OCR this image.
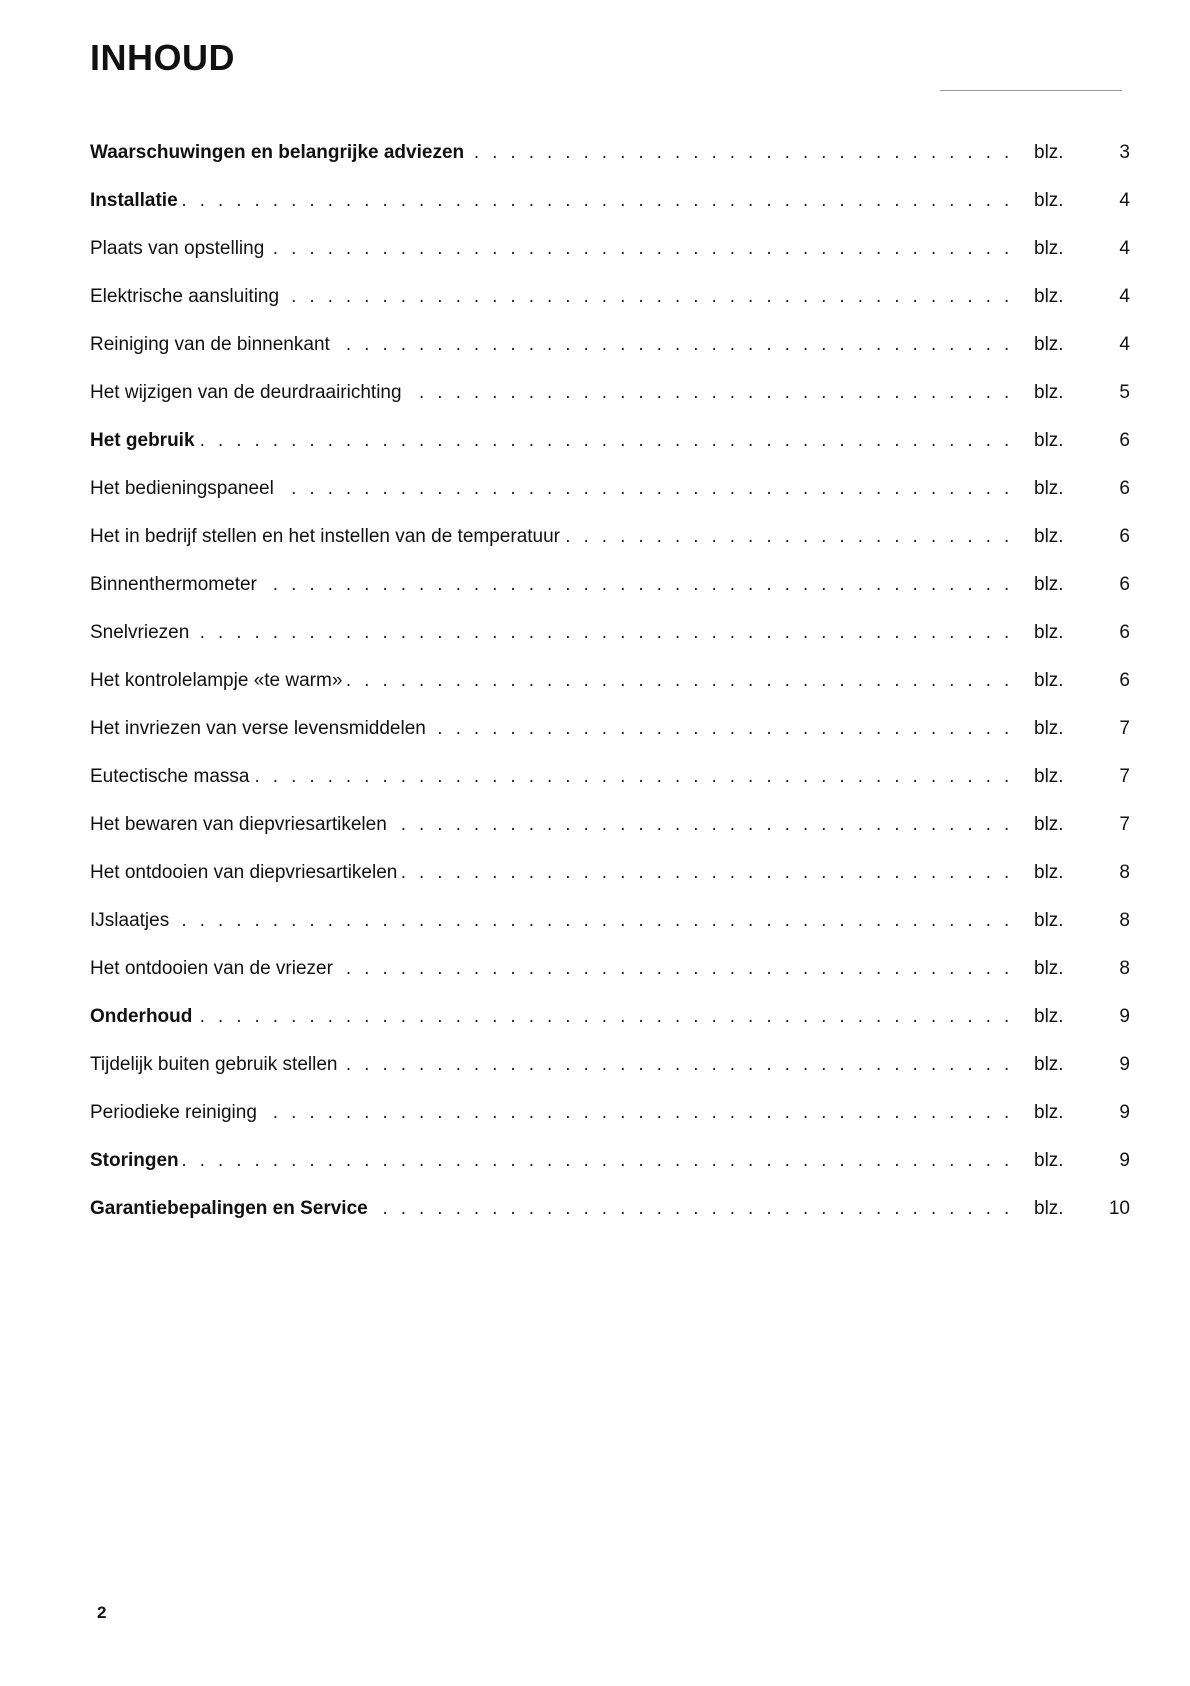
INHOUD
.....
Waarschuwingen en belangrijke adviezen	blz.	3
.....
Installatie	blz.	4
.....
Plaats van opstelling	blz.	4
.....
Elektrische aansluiting	blz.	4
.....
Reiniging van de binnenkant	blz.	4
.....
Het wijzigen van de deurdraairichting	blz.	5
.....
Het gebruik	blz.	6
.....
Het bedieningspaneel	blz.	6
.....
Het in bedrijf stellen en het instellen van de temperatuur	blz.	6
.....
Binnenthermometer	blz.	6
.....
Snelvriezen	blz.	6
.....
Het kontrolelampje «te warm»	blz.	6
.....
Het invriezen van verse levensmiddelen	blz.	7
.....
Eutectische massa	blz.	7
.....
Het bewaren van diepvriesartikelen	blz.	7
.....
Het ontdooien van diepvriesartikelen	blz.	8
.....
IJslaatjes	blz.	8
.....
Het ontdooien van de vriezer	blz.	8
.....
Onderhoud	blz.	9
.....
Tijdelijk buiten gebruik stellen	blz.	9
.....
Periodieke reiniging	blz.	9
.....
Storingen	blz.	9
.....
Garantiebepalingen en Service	blz. 10
2
